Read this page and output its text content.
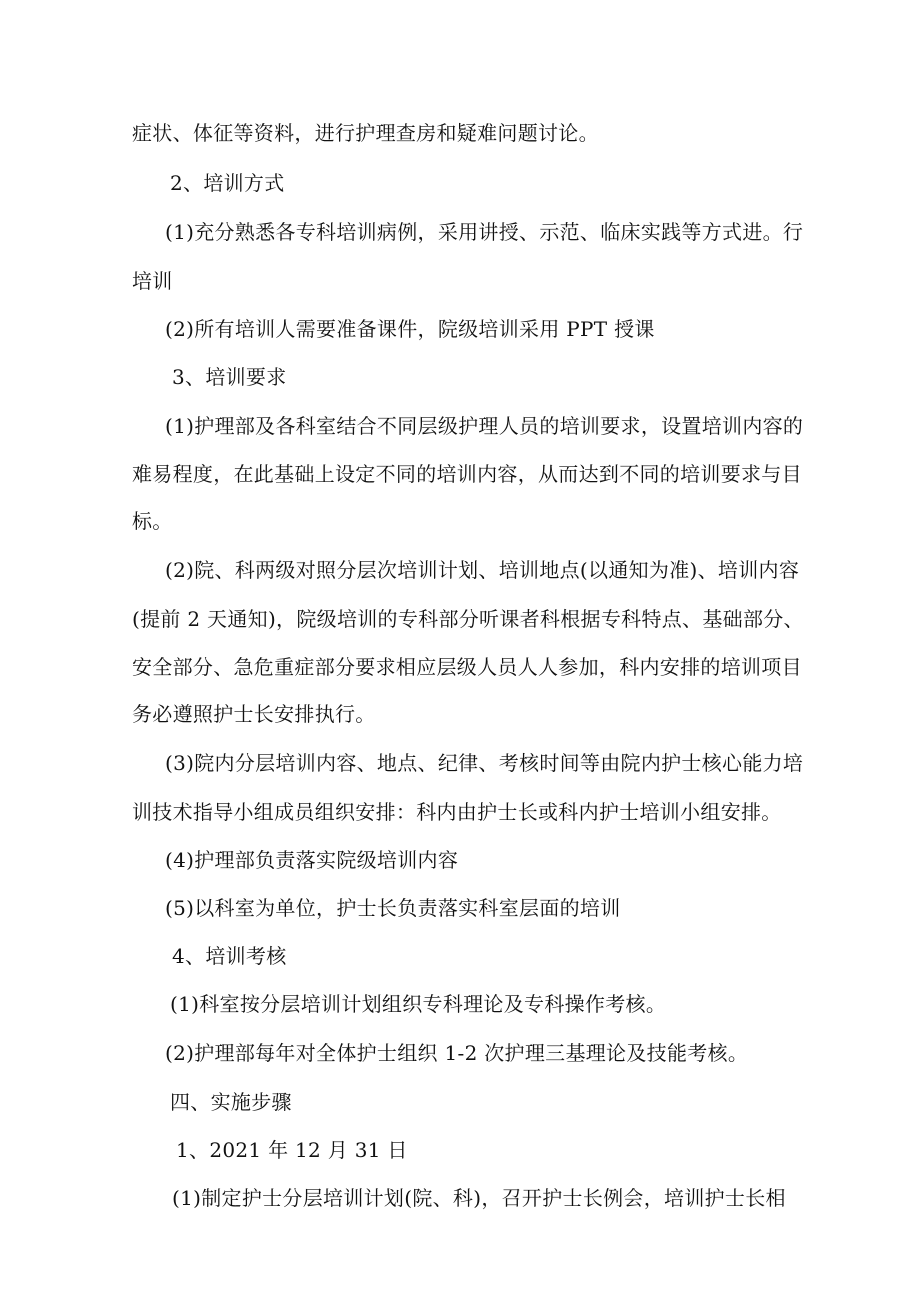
症状、体征等资料，进行护理查房和疑难问题讨论。
2、培训方式
(1)充分熟悉各专科培训病例，采用讲授、示范、临床实践等方式进。行
培训
(2)所有培训人需要准备课件，院级培训采用 PPT 授课
3、培训要求
(1)护理部及各科室结合不同层级护理人员的培训要求，设置培训内容的
难易程度，在此基础上设定不同的培训内容，从而达到不同的培训要求与目
标。
(2)院、科两级对照分层次培训计划、培训地点(以通知为准)、培训内容
(提前 2 天通知)，院级培训的专科部分听课者科根据专科特点、基础部分、
安全部分、急危重症部分要求相应层级人员人人参加，科内安排的培训项目
务必遵照护士长安排执行。
(3)院内分层培训内容、地点、纪律、考核时间等由院内护士核心能力培
训技术指导小组成员组织安排：科内由护士长或科内护士培训小组安排。
(4)护理部负责落实院级培训内容
(5)以科室为单位，护士长负责落实科室层面的培训
4、培训考核
(1)科室按分层培训计划组织专科理论及专科操作考核。
(2)护理部每年对全体护士组织 1-2 次护理三基理论及技能考核。
四、实施步骤
1、2021 年 12 月 31 日
(1)制定护士分层培训计划(院、科)，召开护士长例会，培训护士长相
